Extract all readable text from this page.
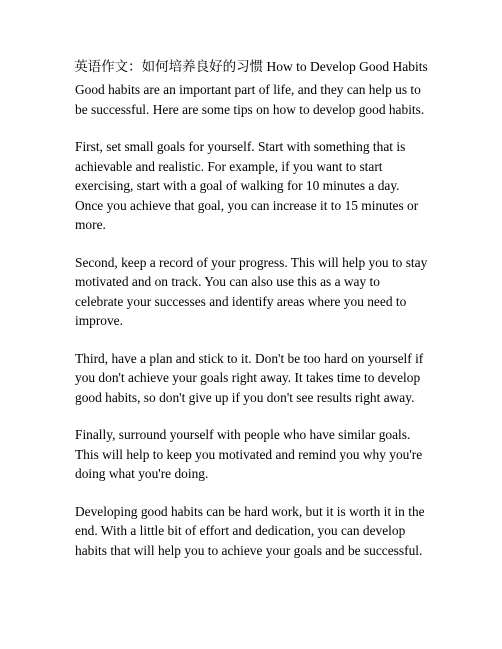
英语作文：如何培养良好的习惯 How to Develop Good Habits

Good habits are an important part of life, and they can help us to be successful. Here are some tips on how to develop good habits.

First, set small goals for yourself. Start with something that is achievable and realistic. For example, if you want to start exercising, start with a goal of walking for 10 minutes a day. Once you achieve that goal, you can increase it to 15 minutes or more.

Second, keep a record of your progress. This will help you to stay motivated and on track. You can also use this as a way to celebrate your successes and identify areas where you need to improve.

Third, have a plan and stick to it. Don't be too hard on yourself if you don't achieve your goals right away. It takes time to develop good habits, so don't give up if you don't see results right away.

Finally, surround yourself with people who have similar goals. This will help to keep you motivated and remind you why you're doing what you're doing.

Developing good habits can be hard work, but it is worth it in the end. With a little bit of effort and dedication, you can develop habits that will help you to achieve your goals and be successful.
